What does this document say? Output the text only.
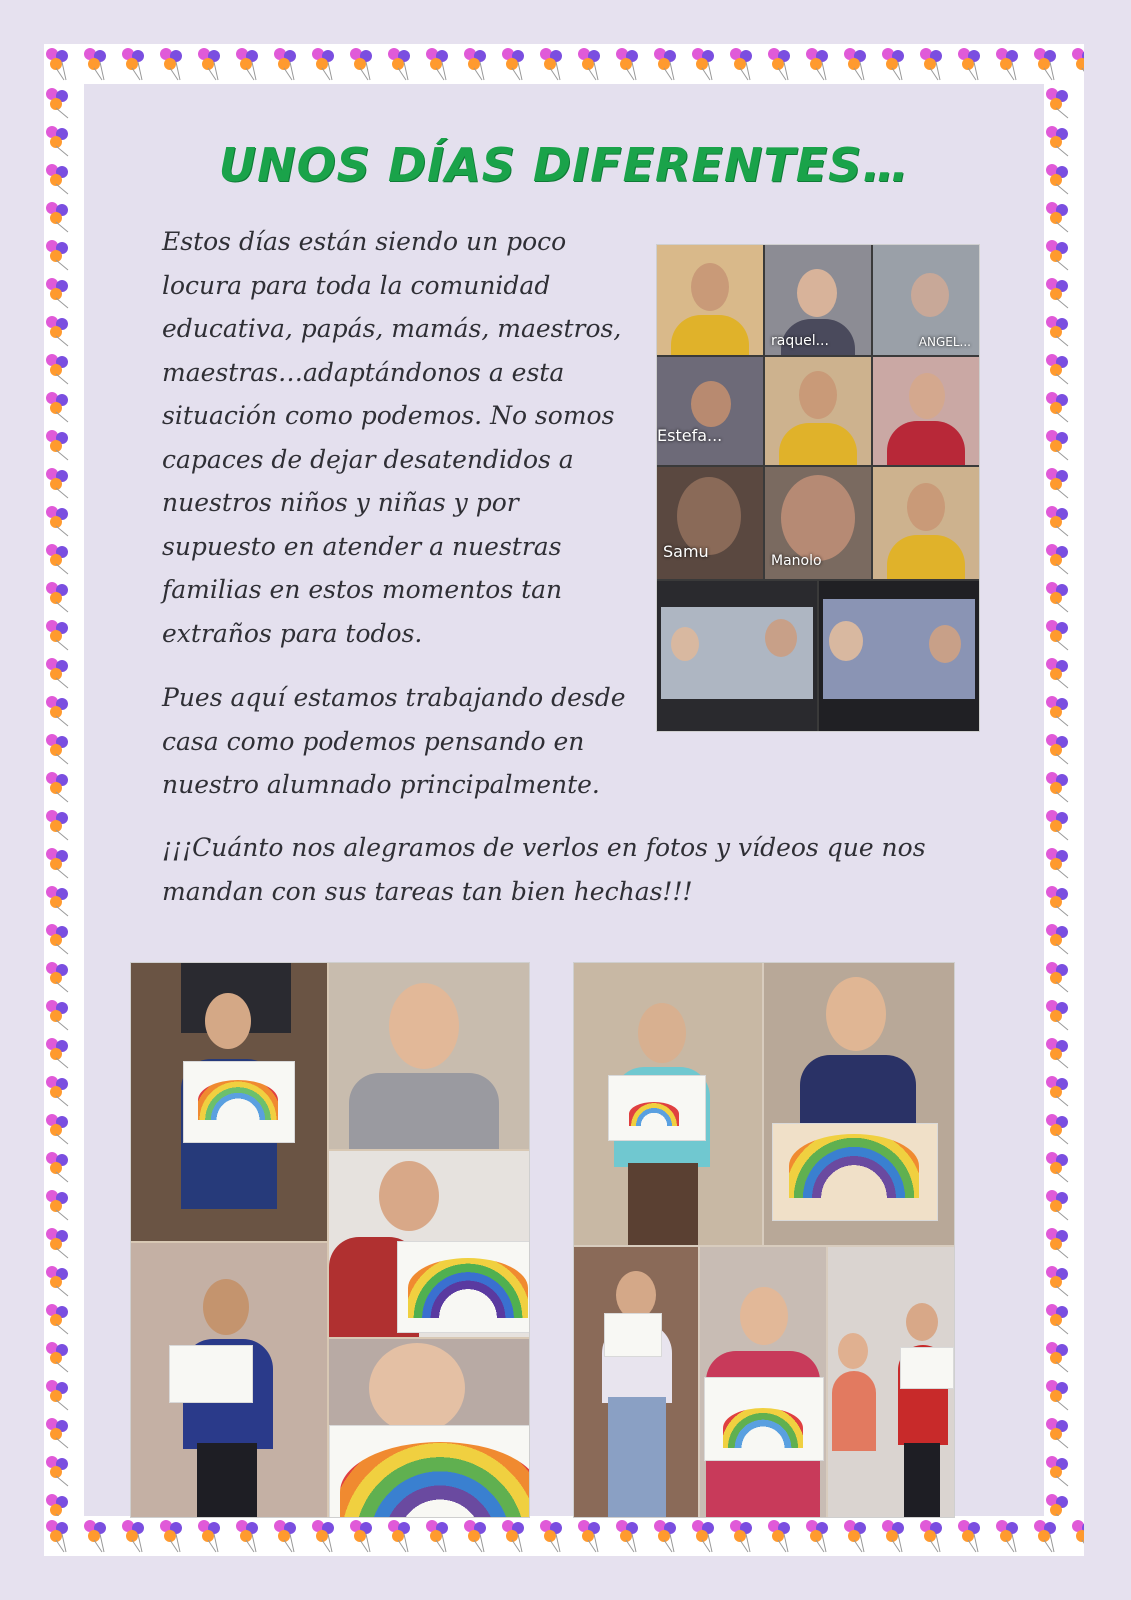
UNOS DÍAS DIFERENTES…

Estos días están siendo un poco locura para toda la comunidad educativa, papás, mamás, maestros, maestras…adaptándonos a esta situación como podemos. No somos capaces de dejar desatendidos a nuestros niños y niñas y por supuesto en atender a nuestras familias en estos momentos tan extraños para todos.

Pues aquí estamos trabajando desde casa como podemos pensando en nuestro alumnado principalmente.

¡¡¡Cuánto nos alegramos de verlos en fotos y vídeos que nos mandan con sus tareas tan bien hechas!!!

raquel...	ANGEL...
Estefa...
Samu	Manolo
